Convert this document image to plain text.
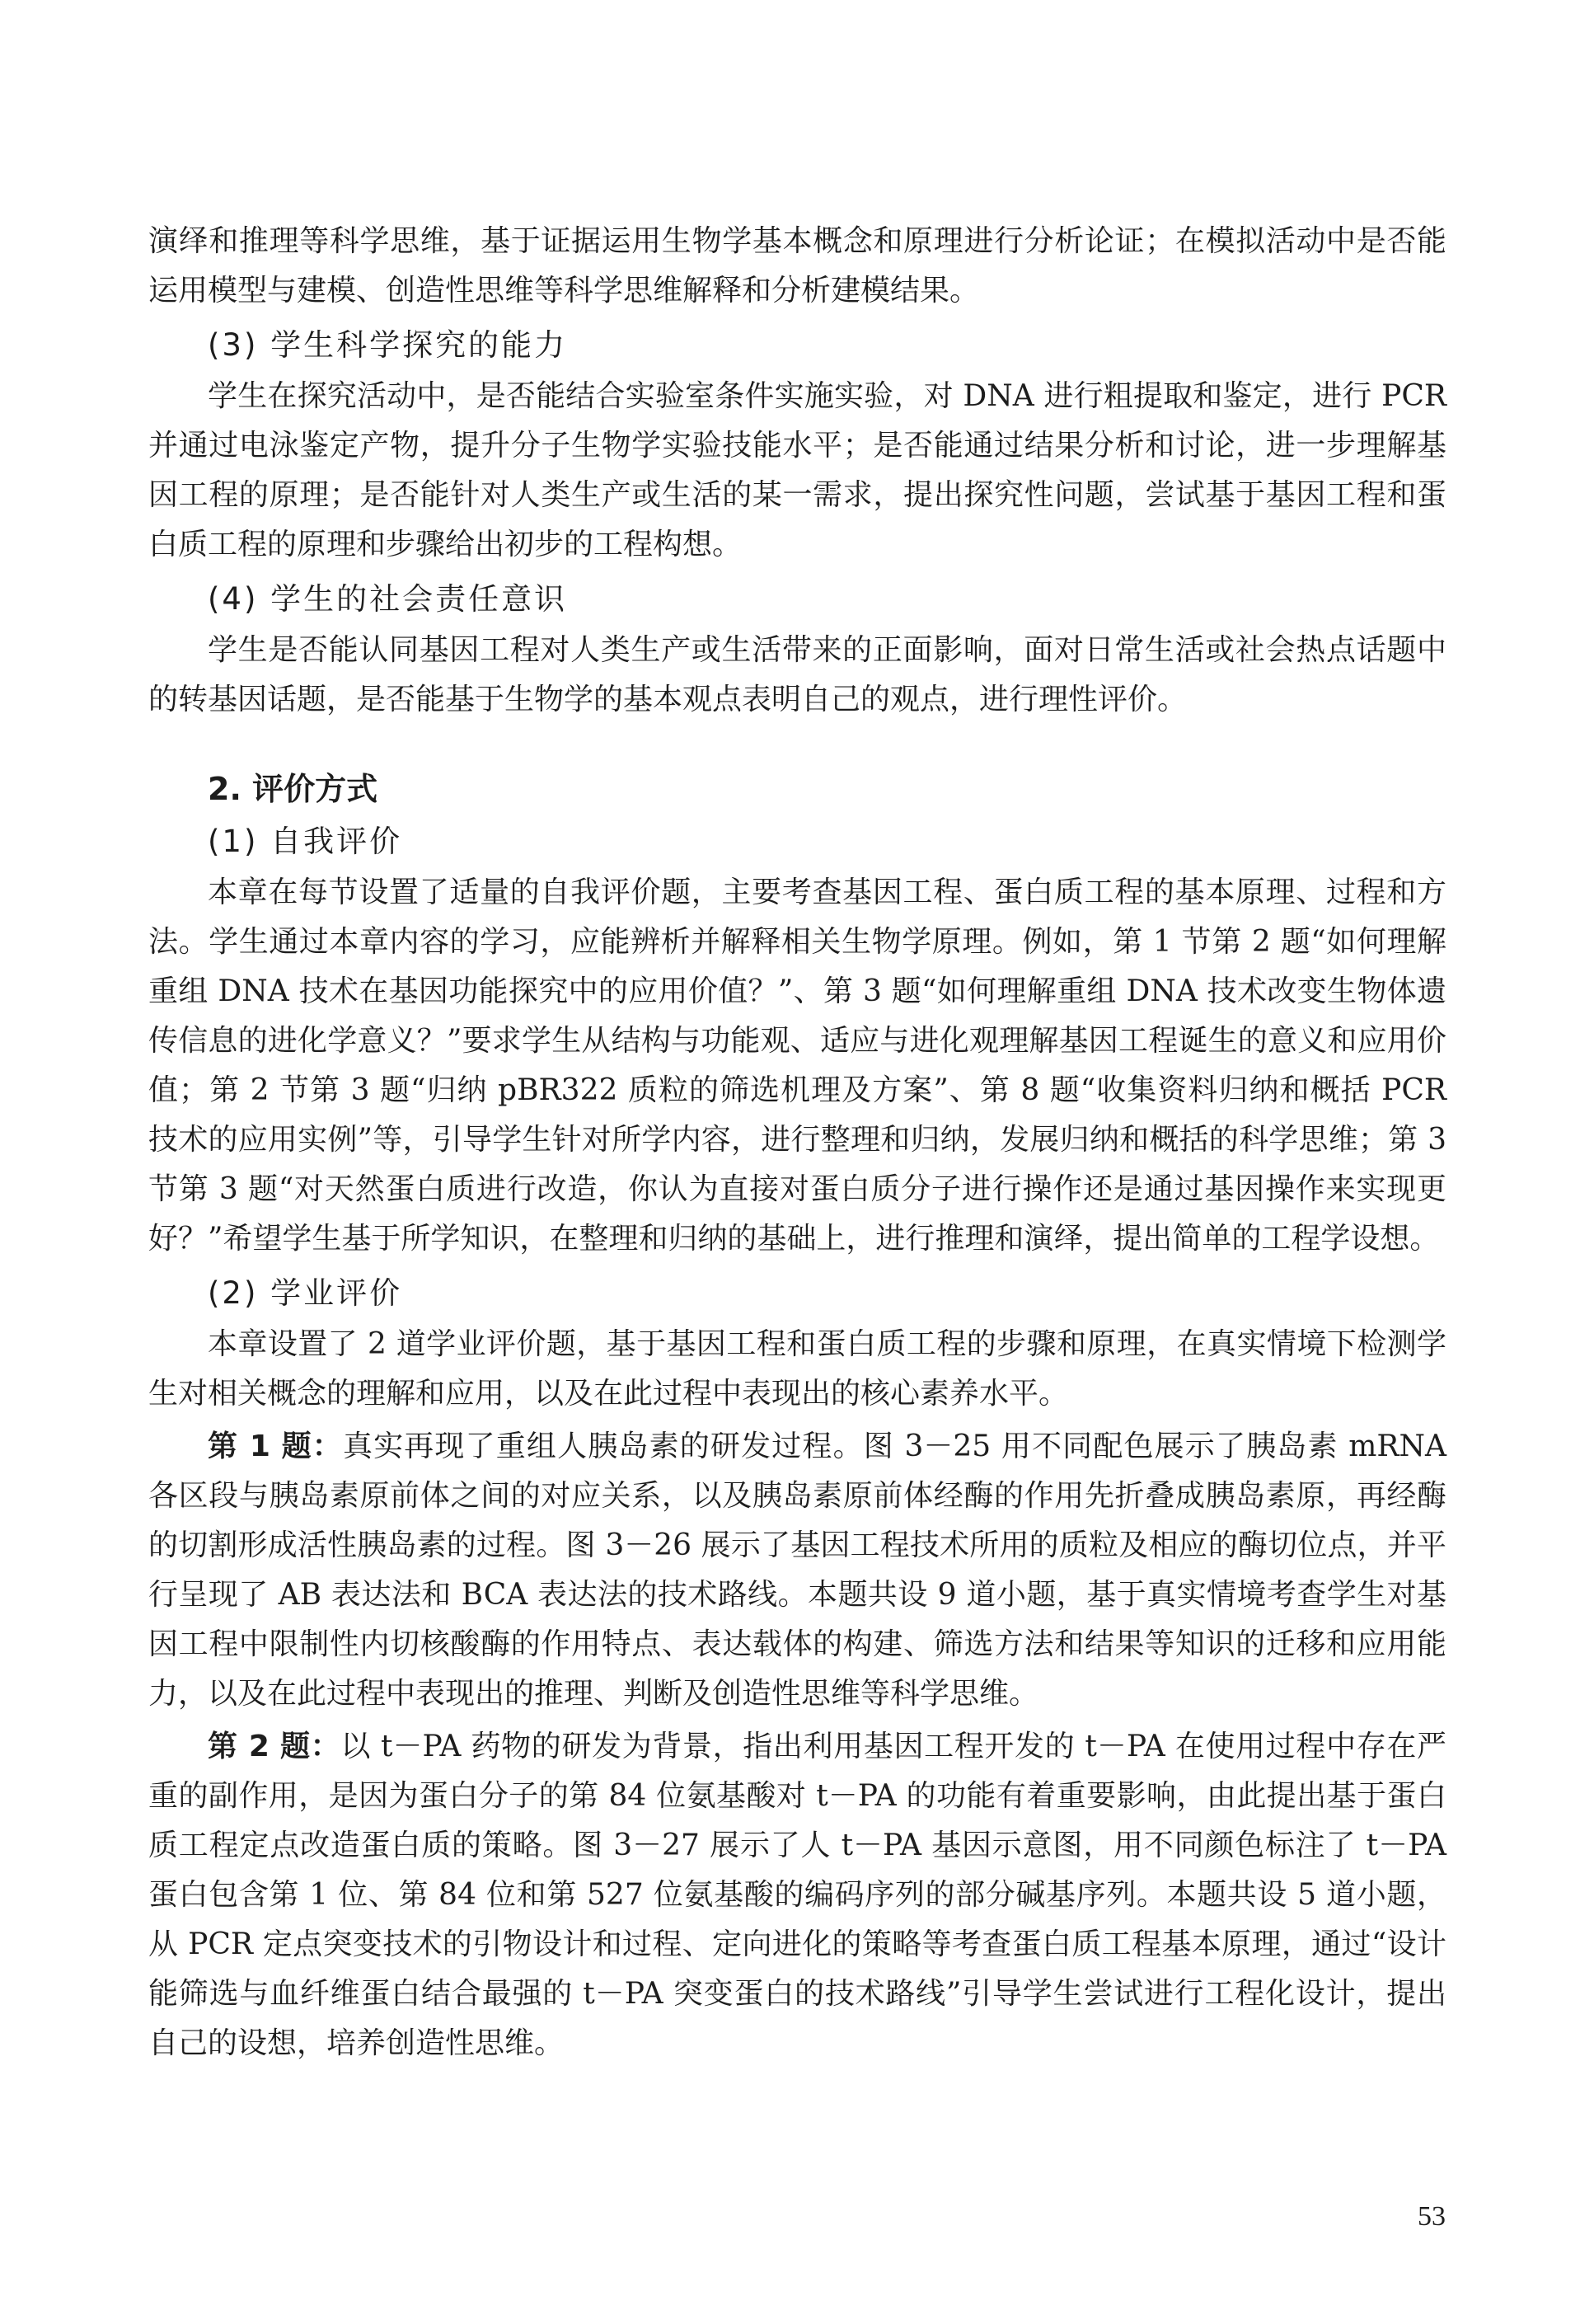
演绎和推理等科学思维，基于证据运用生物学基本概念和原理进行分析论证；在模拟活动中是否能运用模型与建模、创造性思维等科学思维解释和分析建模结果。

(3) 学生科学探究的能力

学生在探究活动中，是否能结合实验室条件实施实验，对 DNA 进行粗提取和鉴定，进行 PCR 并通过电泳鉴定产物，提升分子生物学实验技能水平；是否能通过结果分析和讨论，进一步理解基因工程的原理；是否能针对人类生产或生活的某一需求，提出探究性问题，尝试基于基因工程和蛋白质工程的原理和步骤给出初步的工程构想。

(4) 学生的社会责任意识

学生是否能认同基因工程对人类生产或生活带来的正面影响，面对日常生活或社会热点话题中的转基因话题，是否能基于生物学的基本观点表明自己的观点，进行理性评价。

2. 评价方式
(1) 自我评价

本章在每节设置了适量的自我评价题，主要考查基因工程、蛋白质工程的基本原理、过程和方法。学生通过本章内容的学习，应能辨析并解释相关生物学原理。例如，第 1 节第 2 题“如何理解重组 DNA 技术在基因功能探究中的应用价值？”、第 3 题“如何理解重组 DNA 技术改变生物体遗传信息的进化学意义？”要求学生从结构与功能观、适应与进化观理解基因工程诞生的意义和应用价值；第 2 节第 3 题“归纳 pBR322 质粒的筛选机理及方案”、第 8 题“收集资料归纳和概括 PCR 技术的应用实例”等，引导学生针对所学内容，进行整理和归纳，发展归纳和概括的科学思维；第 3 节第 3 题“对天然蛋白质进行改造，你认为直接对蛋白质分子进行操作还是通过基因操作来实现更好？”希望学生基于所学知识，在整理和归纳的基础上，进行推理和演绎，提出简单的工程学设想。

(2) 学业评价

本章设置了 2 道学业评价题，基于基因工程和蛋白质工程的步骤和原理，在真实情境下检测学生对相关概念的理解和应用，以及在此过程中表现出的核心素养水平。

第 1 题：真实再现了重组人胰岛素的研发过程。图 3－25 用不同配色展示了胰岛素 mRNA 各区段与胰岛素原前体之间的对应关系，以及胰岛素原前体经酶的作用先折叠成胰岛素原，再经酶的切割形成活性胰岛素的过程。图 3－26 展示了基因工程技术所用的质粒及相应的酶切位点，并平行呈现了 AB 表达法和 BCA 表达法的技术路线。本题共设 9 道小题，基于真实情境考查学生对基因工程中限制性内切核酸酶的作用特点、表达载体的构建、筛选方法和结果等知识的迁移和应用能力，以及在此过程中表现出的推理、判断及创造性思维等科学思维。

第 2 题：以 t－PA 药物的研发为背景，指出利用基因工程开发的 t－PA 在使用过程中存在严重的副作用，是因为蛋白分子的第 84 位氨基酸对 t－PA 的功能有着重要影响，由此提出基于蛋白质工程定点改造蛋白质的策略。图 3－27 展示了人 t－PA 基因示意图，用不同颜色标注了 t－PA 蛋白包含第 1 位、第 84 位和第 527 位氨基酸的编码序列的部分碱基序列。本题共设 5 道小题，从 PCR 定点突变技术的引物设计和过程、定向进化的策略等考查蛋白质工程基本原理，通过“设计能筛选与血纤维蛋白结合最强的 t－PA 突变蛋白的技术路线”引导学生尝试进行工程化设计，提出自己的设想，培养创造性思维。

53
